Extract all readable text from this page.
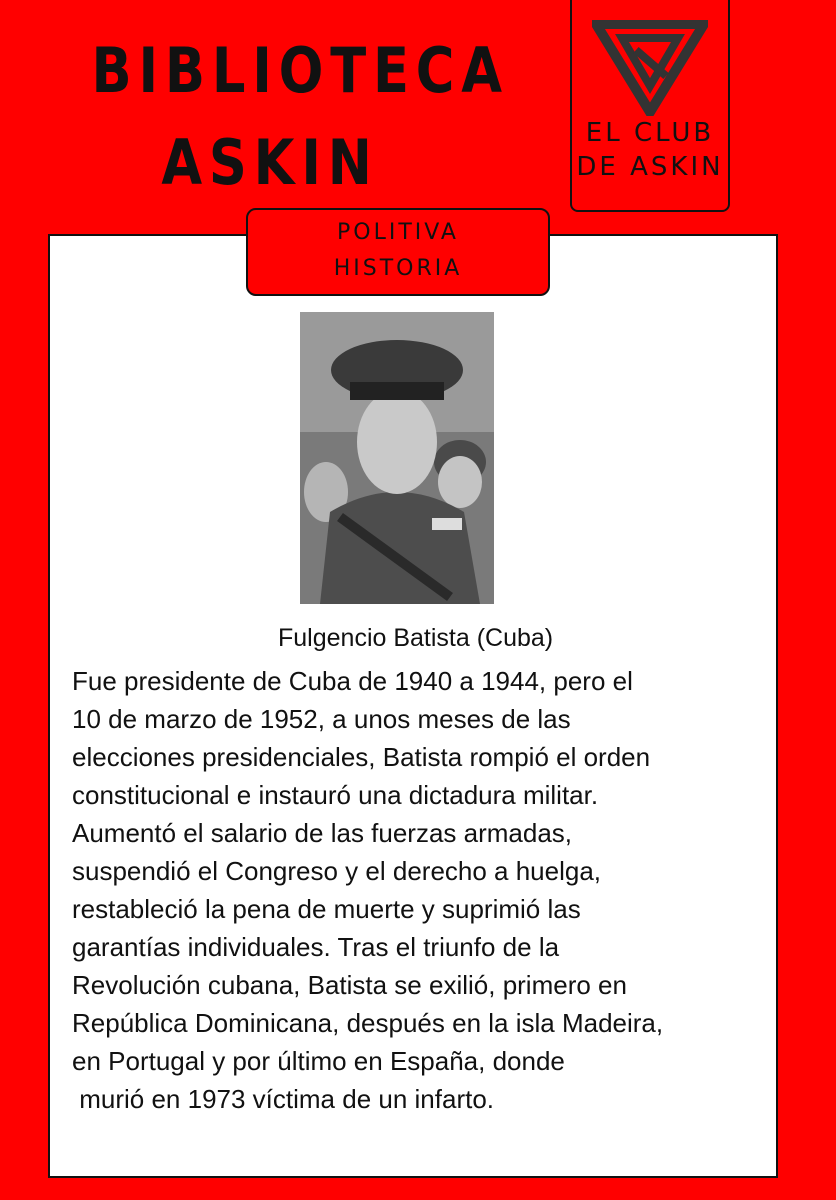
BIBLIOTECA
ASKIN	EL CLUB
DE ASKIN
POLITIVA
HISTORIA
Fulgencio Batista (Cuba)
Fue presidente de Cuba de 1940 a 1944, pero el
10 de marzo de 1952, a unos meses de las
elecciones presidenciales, Batista rompió el orden
constitucional e instauró una dictadura militar.
Aumentó el salario de las fuerzas armadas,
suspendió el Congreso y el derecho a huelga,
restableció la pena de muerte y suprimió las
garantías individuales. Tras el triunfo de la
Revolución cubana, Batista se exilió, primero en
República Dominicana, después en la isla Madeira,
en Portugal y por último en España, donde
murió en 1973 víctima de un infarto.
